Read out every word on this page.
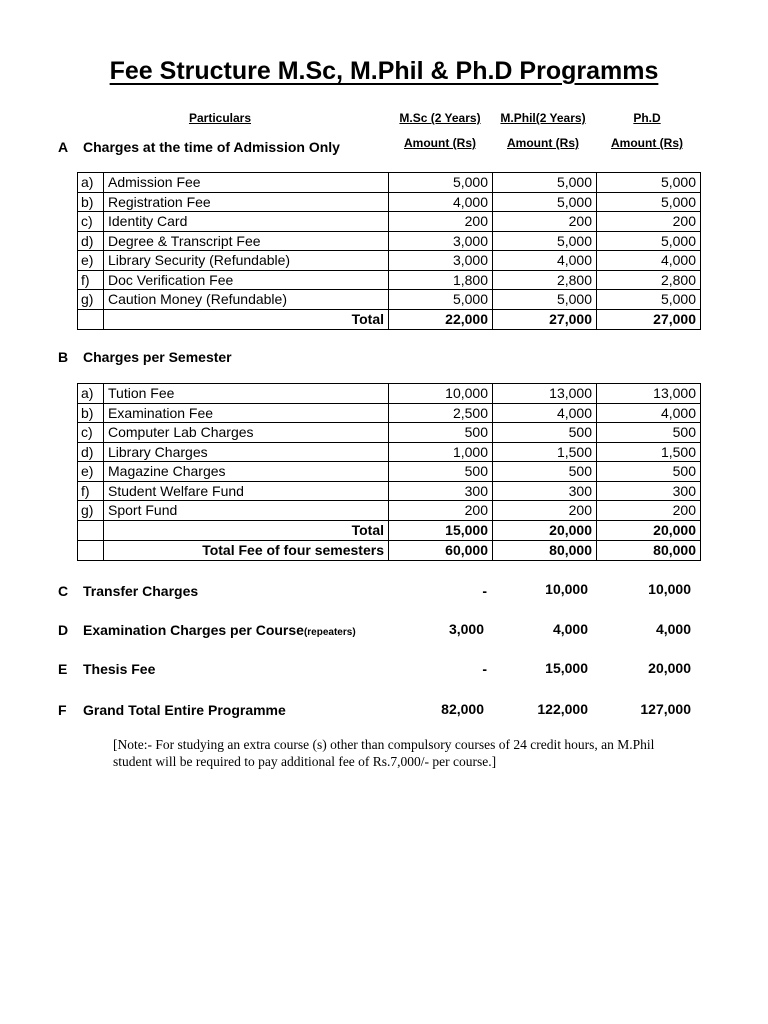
Fee Structure M.Sc, M.Phil & Ph.D Programms
Particulars	M.Sc (2 Years)	M.Phil(2 Years)	Ph.D
Amount (Rs)	Amount (Rs)	Amount (Rs)
A Charges at the time of Admission Only
a)	Admission Fee	5,000	5,000	5,000
b)	Registration Fee	4,000	5,000	5,000
c)	Identity Card	200	200	200
d)	Degree & Transcript Fee	3,000	5,000	5,000
e)	Library Security (Refundable)	3,000	4,000	4,000
f)	Doc Verification Fee	1,800	2,800	2,800
g)	Caution Money (Refundable)	5,000	5,000	5,000
	Total	22,000	27,000	27,000
B Charges per Semester
a)	Tution Fee	10,000	13,000	13,000
b)	Examination Fee	2,500	4,000	4,000
c)	Computer Lab Charges	500	500	500
d)	Library Charges	1,000	1,500	1,500
e)	Magazine Charges	500	500	500
f)	Student Welfare Fund	300	300	300
g)	Sport Fund	200	200	200
	Total	15,000	20,000	20,000
	Total Fee of four semesters	60,000	80,000	80,000
C Transfer Charges	-	10,000	10,000
D Examination Charges per Course(repeaters)	3,000	4,000	4,000
E Thesis Fee	-	15,000	20,000
F Grand Total Entire Programme	82,000	122,000	127,000
[Note:- For studying an extra course (s) other than compulsory courses of 24 credit hours, an M.Phil student will be required to pay additional fee of Rs.7,000/- per course.]
